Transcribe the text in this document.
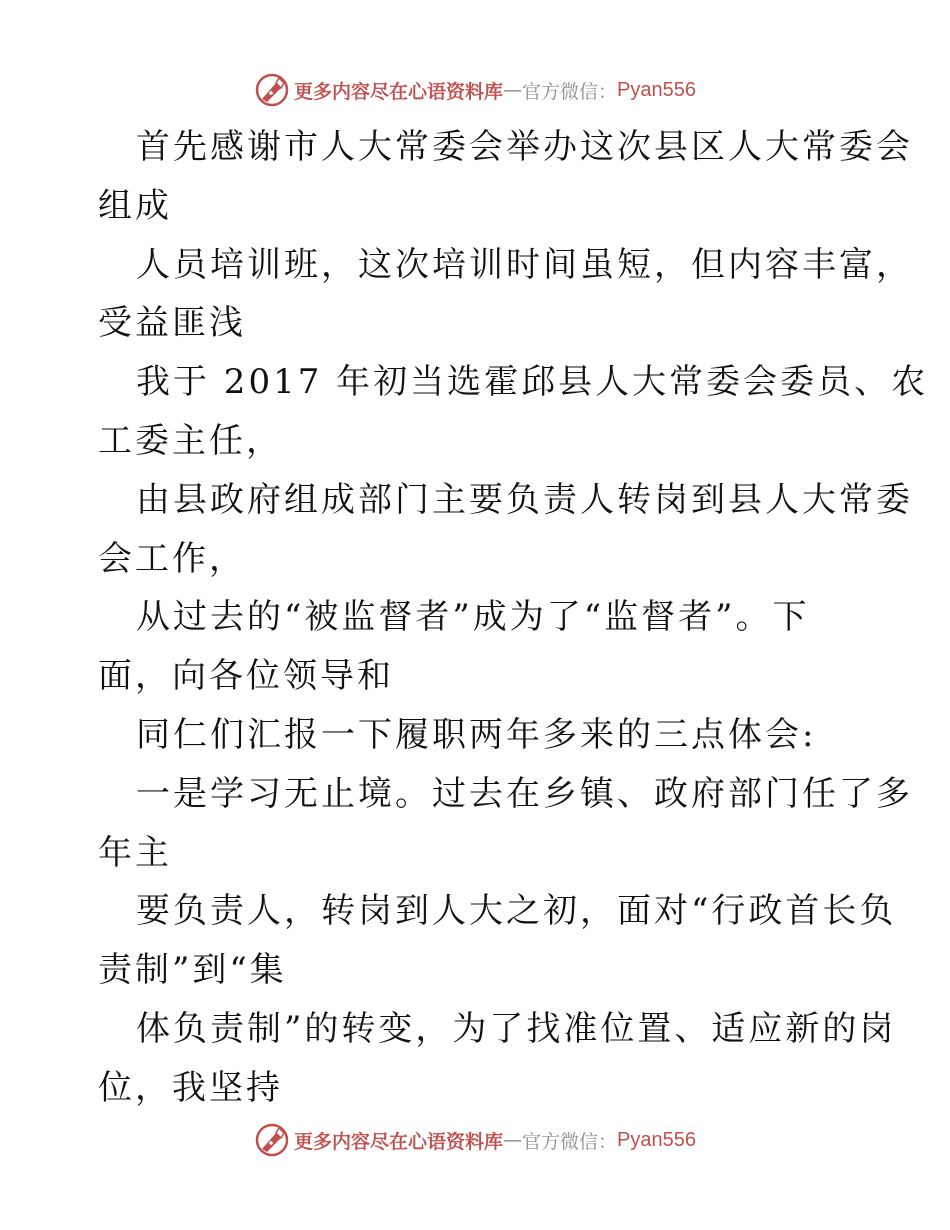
更多内容尽在心语资料库 — 官方微信： Pyan556
首先感谢市人大常委会举办这次县区人大常委会
组成
人员培训班，这次培训时间虽短，但内容丰富，
受益匪浅
我于 2017 年初当选霍邱县人大常委会委员、农
工委主任，
由县政府组成部门主要负责人转岗到县人大常委
会工作，
从过去的“被监督者”成为了“监督者”。下
面，向各位领导和
同仁们汇报一下履职两年多来的三点体会:
一是学习无止境。过去在乡镇、政府部门任了多
年主
要负责人，转岗到人大之初，面对“行政首长负
责制”到“集
体负责制”的转变，为了找准位置、适应新的岗
位，我坚持
更多内容尽在心语资料库 — 官方微信： Pyan556
